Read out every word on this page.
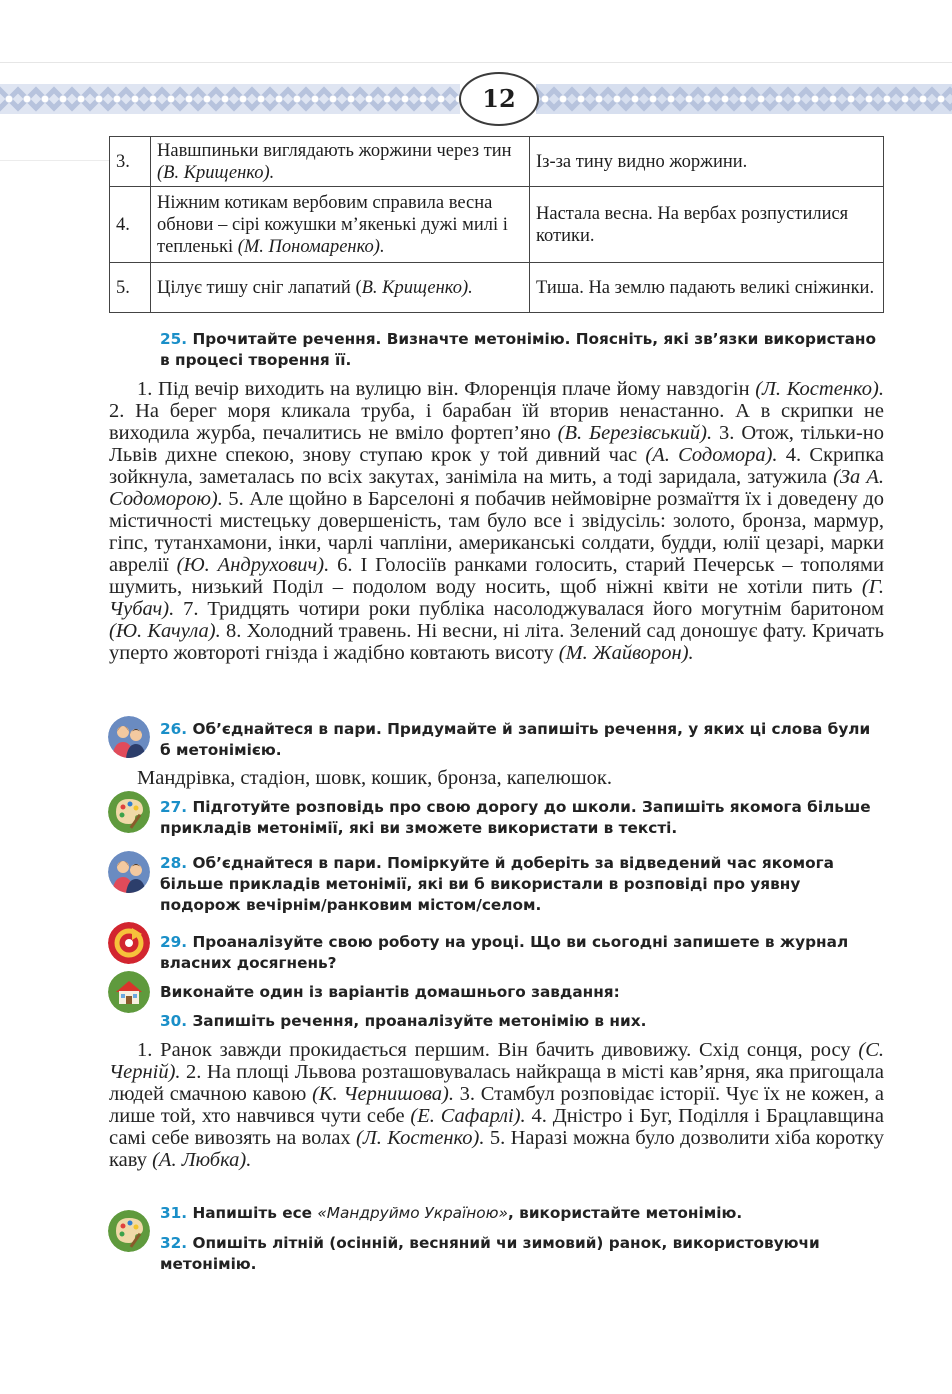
12
3.	Навшпиньки виглядають жоржини через тин (В. Крищенко).	Із-за тину видно жоржини.
4.	Ніжним котикам вербовим справила весна обнови – сірі кожушки м’якенькі дужі милі і тепленькі (М. Пономаренко).	Настала весна. На вербах розпустилися котики.
5.	Цілує тишу сніг лапатий (В. Крищенко).	Тиша. На землю падають великі сніжинки.
25. Прочитайте речення. Визначте метонімію. Поясніть, які зв’язки використано в процесі творення її.
1. Під вечір виходить на вулицю він. Флоренція плаче йому навздогін (Л. Костенко). 2. На берег моря кликала труба, і барабан їй вторив ненастанно. А в скрипки не виходила журба, печалитись не вміло фортеп’яно (В. Березівський). 3. Отож, тільки-но Львів дихне спекою, знову ступаю крок у той дивний час (А. Содомора). 4. Скрипка зойкнула, заметалась по всіх закутах, заніміла на мить, а тоді заридала, затужила (За А. Содоморою). 5. Але щойно в Барселоні я побачив неймовірне розмаїття їх і доведену до містичності мистецьку довершеність, там було все і звідусіль: золото, бронза, мармур, гіпс, тутанхамони, інки, чарлі чапліни, американські солдати, будди, юлії цезарі, марки аврелії (Ю. Андрухович). 6. І Голосіїв ранками голосить, старий Печерськ – тополями шумить, низький Поділ – подолом воду носить, щоб ніжні квіти не хотіли пить (Г. Чубач). 7. Тридцять чотири роки публіка насолоджувалася його могутнім баритоном (Ю. Качула). 8. Холодний травень. Ні весни, ні літа. Зелений сад доношує фату. Кричать уперто жовтороті гнізда і жадібно ковтають висоту (М. Жайворон).
26. Об’єднайтеся в пари. Придумайте й запишіть речення, у яких ці слова були б метонімією.
Мандрівка, стадіон, шовк, кошик, бронза, капелюшок.
27. Підготуйте розповідь про свою дорогу до школи. Запишіть якомога більше прикладів метонімії, які ви зможете використати в тексті.
28. Об’єднайтеся в пари. Поміркуйте й доберіть за відведений час якомога більше прикладів метонімії, які ви б використали в розповіді про уявну подорож вечірнім/ранковим містом/селом.
29. Проаналізуйте свою роботу на уроці. Що ви сьогодні запишете в журнал власних досягнень?
Виконайте один із варіантів домашнього завдання:
30. Запишіть речення, проаналізуйте метонімію в них.
1. Ранок завжди прокидається першим. Він бачить дивовижу. Схід сонця, росу (С. Черній). 2. На площі Львова розташовувалась найкраща в місті кав’ярня, яка пригощала людей смачною кавою (К. Чернишова). 3. Стамбул розповідає історії. Чує їх не кожен, а лише той, хто навчився чути себе (Е. Сафарлі). 4. Дністро і Буг, Поділля і Брацлавщина самі себе вивозять на волах (Л. Костенко). 5. Наразі можна було дозволити хіба коротку каву (А. Любка).
31. Напишіть есе «Мандруймо Україною», використайте метонімію.
32. Опишіть літній (осінній, весняний чи зимовий) ранок, використовуючи метонімію.
